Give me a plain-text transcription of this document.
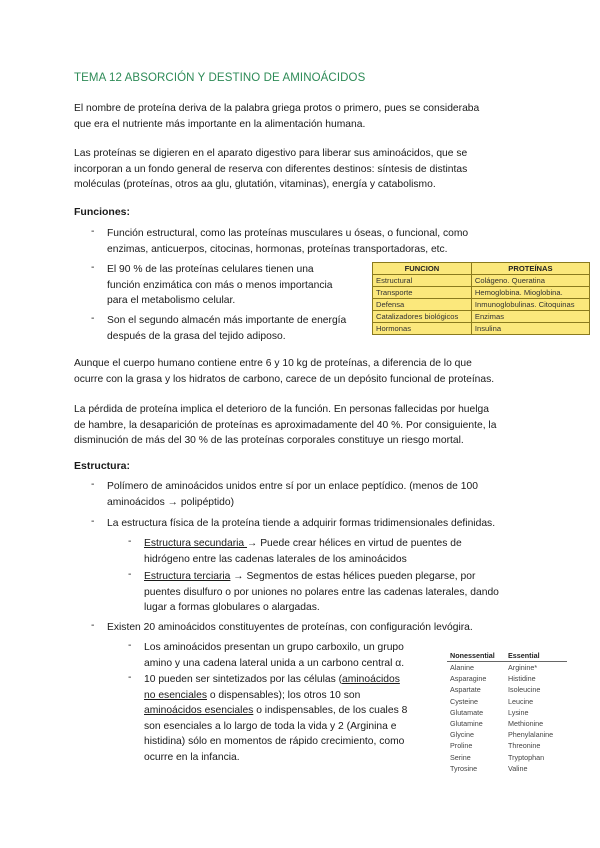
TEMA 12 ABSORCIÓN Y DESTINO DE AMINOÁCIDOS
El nombre de proteína deriva de la palabra griega protos o primero, pues se consideraba
que era el nutriente más importante en la alimentación humana.
Las proteínas se digieren en el aparato digestivo para liberar sus aminoácidos, que se
incorporan a un fondo general de reserva con diferentes destinos: síntesis de distintas
moléculas (proteínas, otros aa glu, glutatión, vitaminas), energía y catabolismo.
Funciones:
- Función estructural, como las proteínas musculares u óseas, o funcional, como
enzimas, anticuerpos, citocinas, hormonas, proteínas transportadoras, etc.
- El 90 % de las proteínas celulares tienen una
función enzimática con más o menos importancia
para el metabolismo celular.
- Son el segundo almacén más importante de energía
después de la grasa del tejido adiposo.
FUNCION	PROTEÍNAS
Estructural	Colágeno. Queratina
Transporte	Hemoglobina. Mioglobina.
Defensa	Inmunoglobulinas. Citoquinas
Catalizadores biológicos	Enzimas
Hormonas	Insulina
Aunque el cuerpo humano contiene entre 6 y 10 kg de proteínas, a diferencia de lo que
ocurre con la grasa y los hidratos de carbono, carece de un depósito funcional de proteínas.
La pérdida de proteína implica el deterioro de la función. En personas fallecidas por huelga
de hambre, la desaparición de proteínas es aproximadamente del 40 %. Por consiguiente, la
disminución de más del 30 % de las proteínas corporales constituye un riesgo mortal.
Estructura:
- Polímero de aminoácidos unidos entre sí por un enlace peptídico. (menos de 100
aminoácidos → polipéptido)
- La estructura física de la proteína tiende a adquirir formas tridimensionales definidas.
- Estructura secundaria → Puede crear hélices en virtud de puentes de
hidrógeno entre las cadenas laterales de los aminoácidos
- Estructura terciaria → Segmentos de estas hélices pueden plegarse, por
puentes disulfuro o por uniones no polares entre las cadenas laterales, dando
lugar a formas globulares o alargadas.
- Existen 20 aminoácidos constituyentes de proteínas, con configuración levógira.
- Los aminoácidos presentan un grupo carboxilo, un grupo
amino y una cadena lateral unida a un carbono central α.
- 10 pueden ser sintetizados por las células (aminoácidos
no esenciales o dispensables); los otros 10 son
aminoácidos esenciales o indispensables, de los cuales 8
son esenciales a lo largo de toda la vida y 2 (Arginina e
histidina) sólo en momentos de rápido crecimiento, como
ocurre en la infancia.
Nonessential	Essential
Alanine	Arginine*
Asparagine	Histidine
Aspartate	Isoleucine
Cysteine	Leucine
Glutamate	Lysine
Glutamine	Methionine
Glycine	Phenylalanine
Proline	Threonine
Serine	Tryptophan
Tyrosine	Valine
